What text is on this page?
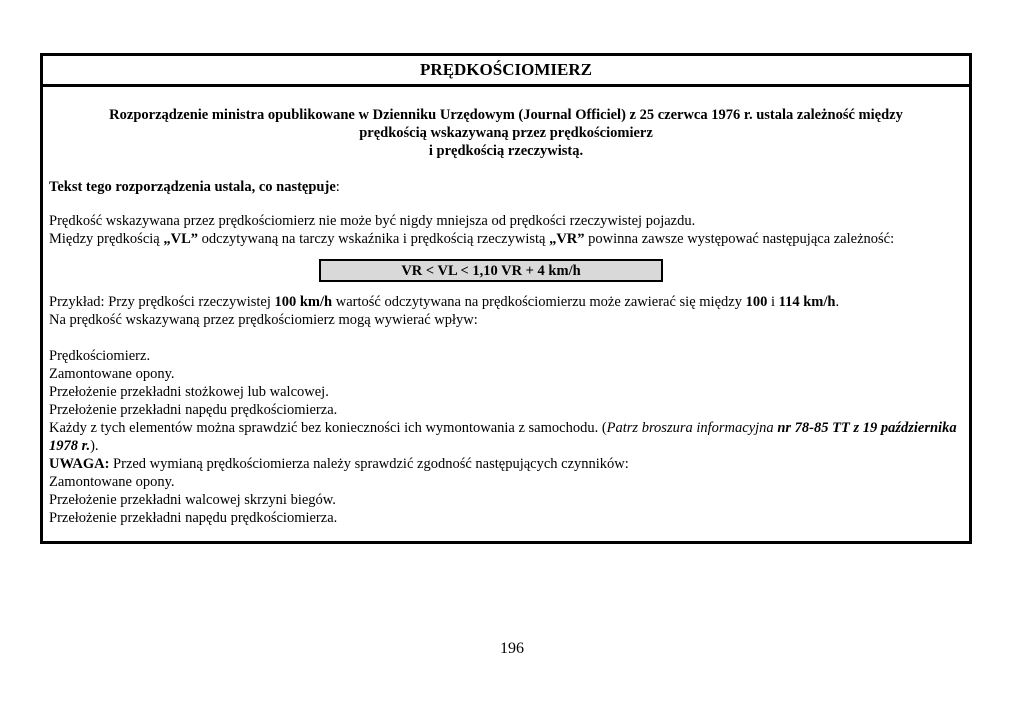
PRĘDKOŚCIOMIERZ
Rozporządzenie ministra opublikowane w Dzienniku Urzędowym (Journal Officiel) z 25 czerwca 1976 r. ustala zależność między
prędkością wskazywaną przez prędkościomierz
i prędkością rzeczywistą.
Tekst tego rozporządzenia ustala, co następuje:
Prędkość wskazywana przez prędkościomierz nie może być nigdy mniejsza od prędkości rzeczywistej pojazdu.
Między prędkością „VL” odczytywaną na tarczy wskaźnika i prędkością rzeczywistą „VR” powinna zawsze występować następująca zależność:
VR < VL < 1,10 VR + 4 km/h
Przykład: Przy prędkości rzeczywistej 100 km/h wartość odczytywana na prędkościomierzu może zawierać się między 100 i 114 km/h.
Na prędkość wskazywaną przez prędkościomierz mogą wywierać wpływ:
Prędkościomierz.
Zamontowane opony.
Przełożenie przekładni stożkowej lub walcowej.
Przełożenie przekładni napędu prędkościomierza.
Każdy z tych elementów można sprawdzić bez konieczności ich wymontowania z samochodu. (Patrz broszura informacyjna nr 78-85 TT z 19 października 1978 r.).
UWAGA: Przed wymianą prędkościomierza należy sprawdzić zgodność następujących czynników:
Zamontowane opony.
Przełożenie przekładni walcowej skrzyni biegów.
Przełożenie przekładni napędu prędkościomierza.
196
